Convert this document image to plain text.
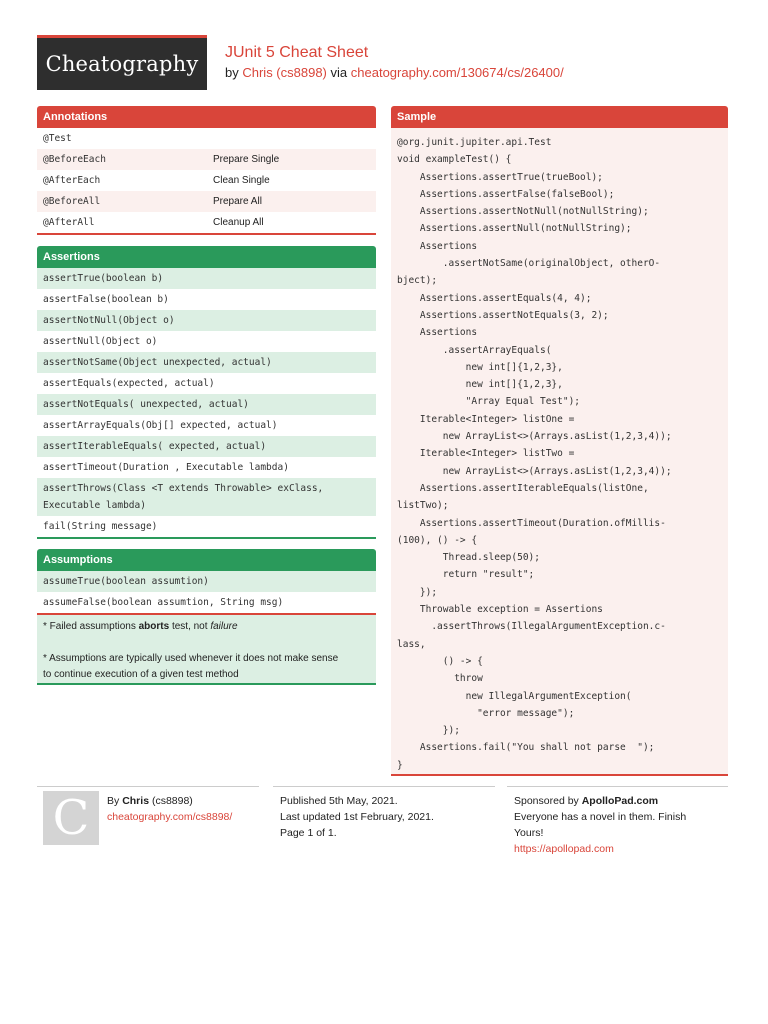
Cheatography	JUnit 5 Cheat Sheet
by Chris (cs8898) via cheatography.com/130674/cs/26400/
Annotations
@Test
@BeforeEach	Prepare Single
@AfterEach	Clean Single
@BeforeAll	Prepare All
@AfterAll	Cleanup All
Assertions
assertTrue(boolean b)
assertFalse(boolean b)
assertNotNull(Object o)
assertNull(Object o)
assertNotSame(Object unexpected, actual)
assertEquals(expected, actual)
assertNotEquals( unexpected, actual)
assertArrayEquals(Obj[] expected, actual)
assertIterableEquals( expected, actual)
assertTimeout(Duration , Executable lambda)
assertThrows(Class <T extends Throwable> exClass,
Executable lambda)
fail(String message)
Assumptions
assumeTrue(boolean assumtion)
assumeFalse(boolean assumtion, String msg)

* Failed assumptions aborts test, not failure

* Assumptions are typically used whenever it does not make sense

to continue execution of a given test method

Sample
@org.junit.jupiter.api.Test
void exampleTest() {
Assertions.assertTrue(trueBool);
Assertions.assertFalse(falseBool);
Assertions.assertNotNull(notNullString);
Assertions.assertNull(notNullString);
Assertions
.assertNotSame(originalObject, otherO‐
bject);
Assertions.assertEquals(4, 4);
Assertions.assertNotEquals(3, 2);
Assertions
.assertArrayEquals(
new int[]{1,2,3},
new int[]{1,2,3},
"Array Equal Test");
Iterable<Integer> listOne =
new ArrayList<>(Arrays.asList(1,2,3,4));
Iterable<Integer> listTwo =
new ArrayList<>(Arrays.asList(1,2,3,4));
Assertions.assertIterableEquals(listOne,
listTwo);
Assertions.assertTimeout(Duration.ofMillis‐
(100), () -> {
Thread.sleep(50);
return "result";
});
Throwable exception = Assertions
.assertThrows(IllegalArgumentException.c‐
lass,
() -> {
throw
new IllegalArgumentException(
"error message");
});
Assertions.fail("You shall not parse  ");
}
C	By Chris (cs8898)
cheatography.com/cs8898/
Published 5th May, 2021.
Last updated 1st February, 2021.
Page 1 of 1.
Sponsored by ApolloPad.com
Everyone has a novel in them. Finish
Yours!
https://apollopad.com
